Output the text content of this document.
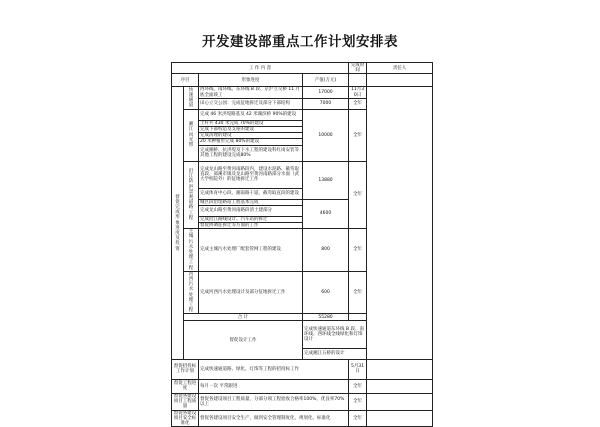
开发建设部重点工作计划安排表
工 作 内 容				完成时间	责任人	
序目		形象进度	产值(万元)			

督促完成形象进度及投资	快速通道	西环线、南环线、东环线 B 段、京沪立交桥 11 月底全面竣工	17000	11月30日		
		田心立交公园：完成征地拆迁及部分下部结构	7000	全年		

	湘江风光带	完成 46 米洪堤路基及 42 米湖滨桥 90%的建设	10000	全年		
		土杆共 430 米完成 70%的建设				
		完成下部构造及支座的建设				
		完成清理的建设				
		20 米种植带完成 80%的建设				
		完成湘桥、抗洪堤及下水工程的建设科红岗安装等其他工程的建设完成80%				

	沿江防洪景观道路工程	完成龙山路至黄河南路段内，建设水泥路、截弯取直段、部溪市镇及龙山路至黄河南路部分水面（武大学校院外）的征地拆迁工作	13880	全年		
		完成体育中心段、湘南路干道、截弯取直段的建设				
		城区段沿堤路站工程基本完成	4600			
		完成龙山路至黄河南路段清土建部分				
		完成沿江路线设计、汽车站的拆迁				
		督促协调征拆迁等方面的工作				

	主城污水处理工程	完成主城污水处理厂配套管网工程的建设	800	全年		

	河西污水处理工程	完成河西污水处理设计及部分征地拆迁工作	600	全年		
	合 计		55280			
	督促设计工作		完成快速通道东环线 B 段、南环线、西环线全线绿化和灯饰设计		
			完成湘江五桥的设计		
督促招投标工作计划		完成快速通道路、绿化、灯饰等工程的招投标工作		5月31日		
督促工程进度		每月一次 平常跟进		全年		
督促各建设项目工程质量		督促各建设项目工程质量，分部分项工程验收合格率100%，优良率70%以上		全年		
督促各建设项目安全标准化		督促各建设项目安全生产，做到安全管理制度化、规划化、标准化		全年		
